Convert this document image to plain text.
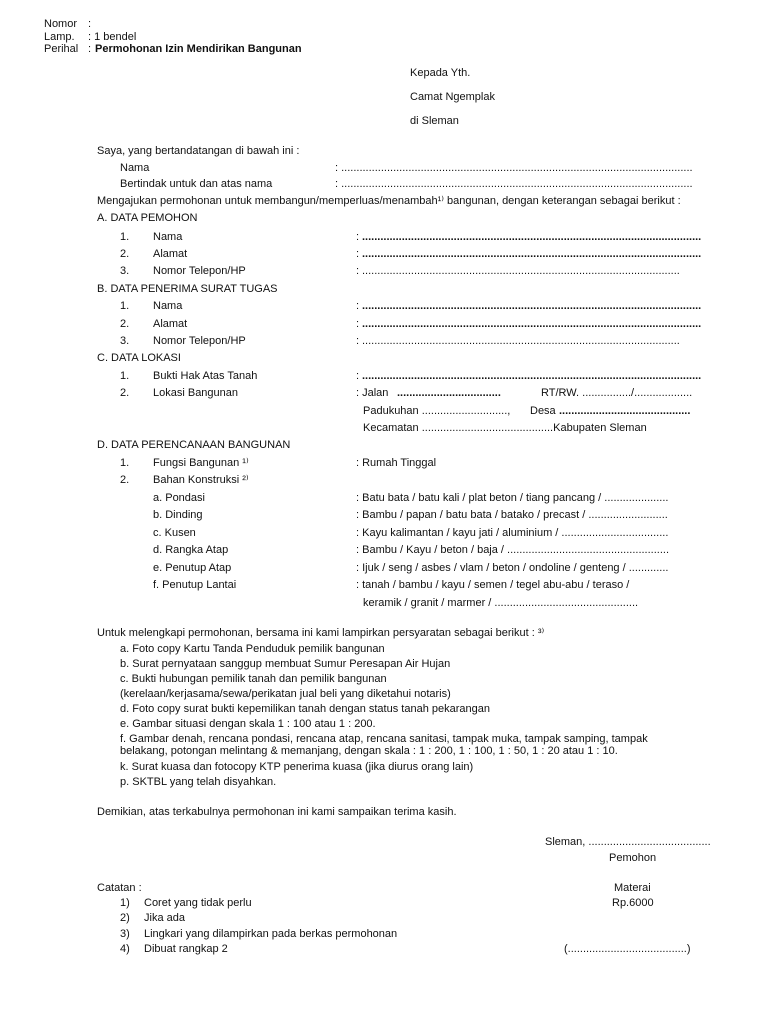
Nomor :
Lamp. : 1 bendel
Perihal : Permohonan Izin Mendirikan Bangunan
Kepada Yth.
Camat Ngemplak
di Sleman
Saya, yang bertandatangan di bawah ini :
Nama	: ...................................................................................................................
Bertindak untuk dan atas nama	: ...................................................................................................................
Mengajukan permohonan untuk membangun/memperluas/menambah¹⁾ bangunan, dengan keterangan sebagai berikut :
A. DATA PEMOHON
1. Nama	: ...............................................................................................................
2. Alamat	: ...............................................................................................................
3. Nomor Telepon/HP	: ........................................................................................................
B. DATA PENERIMA SURAT TUGAS
1. Nama	: ...............................................................................................................
2. Alamat	: ...............................................................................................................
3. Nomor Telepon/HP	: ........................................................................................................
C. DATA LOKASI
1. Bukti Hak Atas Tanah	: ...............................................................................................................
2. Lokasi Bangunan	: Jalan ..................................	RT/RW. ................/...................
Padukuhan ............................, Desa ...........................................
Kecamatan ...........................................Kabupaten Sleman
D. DATA PERENCANAAN BANGUNAN
1. Fungsi Bangunan ¹⁾	: Rumah Tinggal
2. Bahan Konstruksi ²⁾
a. Pondasi	: Batu bata / batu kali / plat beton / tiang pancang / .....................
b. Dinding	: Bambu / papan / batu bata / batako / precast / ..........................
c. Kusen	: Kayu kalimantan / kayu jati / aluminium / ...................................
d. Rangka Atap	: Bambu / Kayu / beton / baja / .....................................................
e. Penutup Atap	: Ijuk / seng / asbes / vlam / beton / ondoline / genteng / .............
f. Penutup Lantai	: tanah / bambu / kayu / semen / tegel abu-abu / teraso /
keramik / granit / marmer / ...............................................
Untuk melengkapi permohonan, bersama ini kami lampirkan persyaratan sebagai berikut : ³⁾
a. Foto copy Kartu Tanda Penduduk pemilik bangunan
b. Surat pernyataan sanggup membuat Sumur Peresapan Air Hujan
c. Bukti hubungan pemilik tanah dan pemilik bangunan
(kerelaan/kerjasama/sewa/perikatan jual beli yang diketahui notaris)
d. Foto copy surat bukti kepemilikan tanah dengan status tanah pekarangan
e. Gambar situasi dengan skala 1 : 100 atau 1 : 200.
f. Gambar denah, rencana pondasi, rencana atap, rencana sanitasi, tampak muka, tampak samping, tampak
belakang, potongan melintang & memanjang, dengan skala : 1 : 200, 1 : 100, 1 : 50, 1 : 20 atau 1 : 10.
k. Surat kuasa dan fotocopy KTP penerima kuasa (jika diurus orang lain)
p. SKTBL yang telah disyahkan.
Demikian, atas terkabulnya permohonan ini kami sampaikan terima kasih.
Sleman, ........................................
Pemohon
Materai
Rp.6000
(.......................................)
Catatan :
1) Coret yang tidak perlu
2) Jika ada
3) Lingkari yang dilampirkan pada berkas permohonan
4) Dibuat rangkap 2
